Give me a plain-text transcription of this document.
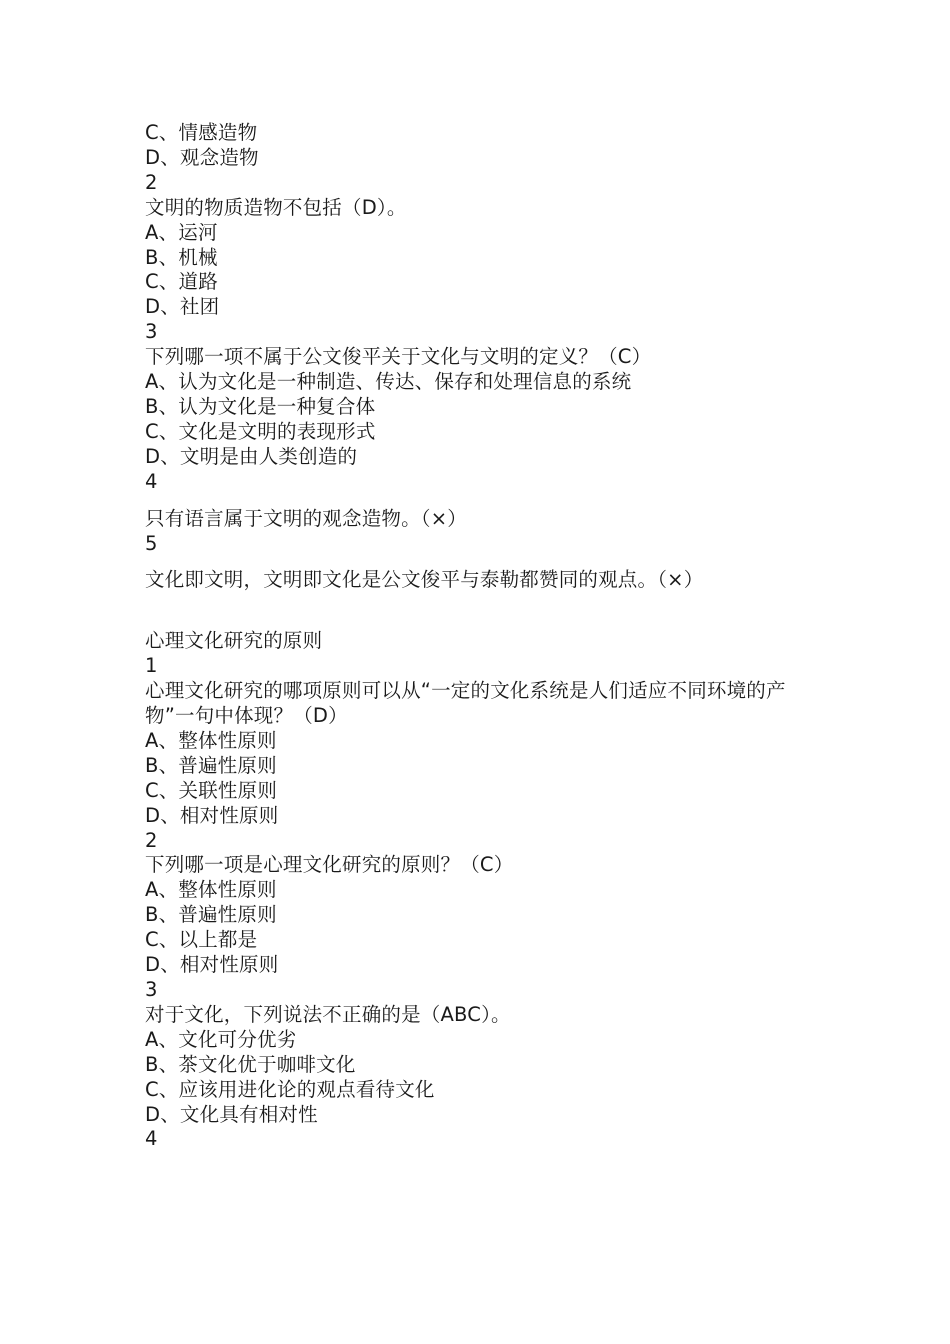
C、情感造物
D、观念造物
2
文明的物质造物不包括（D）。
A、运河
B、机械
C、道路
D、社团
3
下列哪一项不属于公文俊平关于文化与文明的定义？（C）
A、认为文化是一种制造、传达、保存和处理信息的系统
B、认为文化是一种复合体
C、文化是文明的表现形式
D、文明是由人类创造的
4
只有语言属于文明的观念造物。（×）
5
文化即文明，文明即文化是公文俊平与泰勒都赞同的观点。（×）
心理文化研究的原则
1
心理文化研究的哪项原则可以从“一定的文化系统是人们适应不同环境的产物”一句中体现？（D）
A、整体性原则
B、普遍性原则
C、关联性原则
D、相对性原则
2
下列哪一项是心理文化研究的原则？（C）
A、整体性原则
B、普遍性原则
C、以上都是
D、相对性原则
3
对于文化，下列说法不正确的是（ABC）。
A、文化可分优劣
B、茶文化优于咖啡文化
C、应该用进化论的观点看待文化
D、文化具有相对性
4
